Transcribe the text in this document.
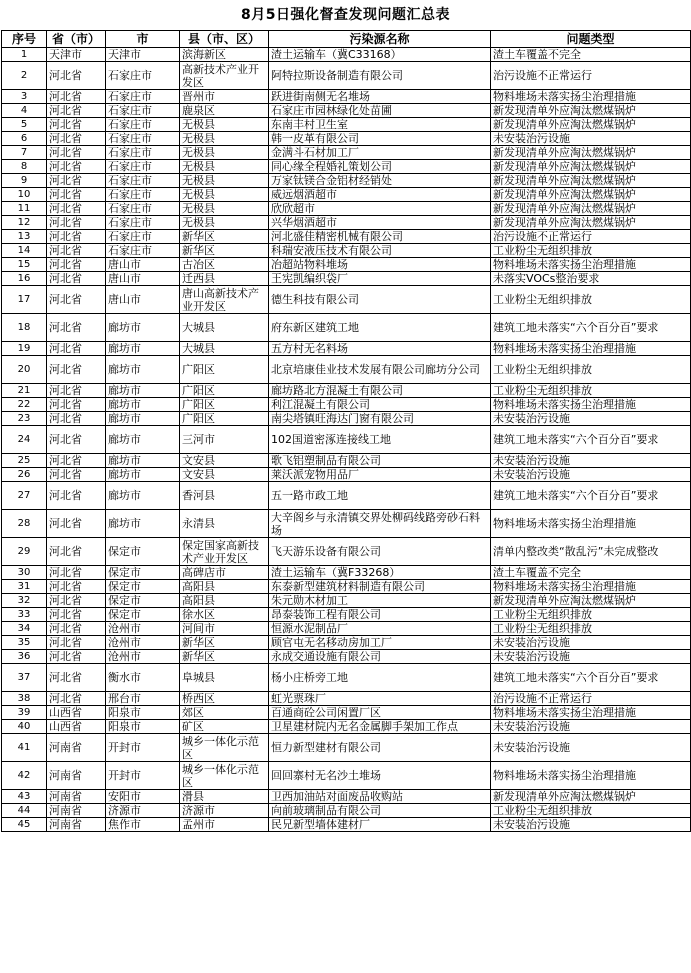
8月5日强化督查发现问题汇总表
序号	省（市）	市	县（市、区）	污染源名称	问题类型
1	天津市	天津市	滨海新区	渣土运输车（冀C33168）	渣土车覆盖不完全
2	河北省	石家庄市	高新技术产业开发区	阿特拉斯设备制造有限公司	治污设施不正常运行
3	河北省	石家庄市	晋州市	跃进街南侧无名堆场	物料堆场未落实扬尘治理措施
4	河北省	石家庄市	鹿泉区	石家庄市园林绿化处苗圃	新发现清单外应淘汰燃煤锅炉
5	河北省	石家庄市	无极县	东南丰村卫生室	新发现清单外应淘汰燃煤锅炉
6	河北省	石家庄市	无极县	韩一皮革有限公司	未安装治污设施
7	河北省	石家庄市	无极县	金满斗石材加工厂	新发现清单外应淘汰燃煤锅炉
8	河北省	石家庄市	无极县	同心缘全程婚礼策划公司	新发现清单外应淘汰燃煤锅炉
9	河北省	石家庄市	无极县	万家钛镁合金铝材经销处	新发现清单外应淘汰燃煤锅炉
10	河北省	石家庄市	无极县	威远烟酒超市	新发现清单外应淘汰燃煤锅炉
11	河北省	石家庄市	无极县	欣欣超市	新发现清单外应淘汰燃煤锅炉
12	河北省	石家庄市	无极县	兴华烟酒超市	新发现清单外应淘汰燃煤锅炉
13	河北省	石家庄市	新华区	河北盛佳精密机械有限公司	治污设施不正常运行
14	河北省	石家庄市	新华区	科瑞安液压技术有限公司	工业粉尘无组织排放
15	河北省	唐山市	古冶区	冶超站物料堆场	物料堆场未落实扬尘治理措施
16	河北省	唐山市	迁西县	王宪凯编织袋厂	未落实VOCs整治要求
17	河北省	唐山市	唐山高新技术产业开发区	德生科技有限公司	工业粉尘无组织排放
18	河北省	廊坊市	大城县	府东新区建筑工地	建筑工地未落实“六个百分百”要求
19	河北省	廊坊市	大城县	五方村无名料场	物料堆场未落实扬尘治理措施
20	河北省	廊坊市	广阳区	北京培康佳业技术发展有限公司廊坊分公司	工业粉尘无组织排放
21	河北省	廊坊市	广阳区	廊坊路北方混凝土有限公司	工业粉尘无组织排放
22	河北省	廊坊市	广阳区	利江混凝土有限公司	物料堆场未落实扬尘治理措施
23	河北省	廊坊市	广阳区	南尖塔镇旺海达门窗有限公司	未安装治污设施
24	河北省	廊坊市	三河市	102国道密涿连接线工地	建筑工地未落实“六个百分百”要求
25	河北省	廊坊市	文安县	歌飞铝塑制品有限公司	未安装治污设施
26	河北省	廊坊市	文安县	莱沃派宠物用品厂	未安装治污设施
27	河北省	廊坊市	香河县	五一路市政工地	建筑工地未落实“六个百分百”要求
28	河北省	廊坊市	永清县	大辛阁乡与永清镇交界处柳码线路旁砂石料场	物料堆场未落实扬尘治理措施
29	河北省	保定市	保定国家高新技术产业开发区	飞天游乐设备有限公司	清单内整改类“散乱污”未完成整改
30	河北省	保定市	高碑店市	渣土运输车（冀F33268）	渣土车覆盖不完全
31	河北省	保定市	高阳县	东泰新型建筑材料制造有限公司	物料堆场未落实扬尘治理措施
32	河北省	保定市	高阳县	朱元勋木材加工	新发现清单外应淘汰燃煤锅炉
33	河北省	保定市	徐水区	昂泰装饰工程有限公司	工业粉尘无组织排放
34	河北省	沧州市	河间市	恒源水泥制品厂	工业粉尘无组织排放
35	河北省	沧州市	新华区	顾官屯无名移动房加工厂	未安装治污设施
36	河北省	沧州市	新华区	永成交通设施有限公司	未安装治污设施
37	河北省	衡水市	阜城县	杨小庄桥旁工地	建筑工地未落实“六个百分百”要求
38	河北省	邢台市	桥西区	虹光票珠厂	治污设施不正常运行
39	山西省	阳泉市	郊区	百通商砼公司闲置厂区	物料堆场未落实扬尘治理措施
40	山西省	阳泉市	矿区	卫星建材院内无名金属脚手架加工作点	未安装治污设施
41	河南省	开封市	城乡一体化示范区	恒力新型建材有限公司	未安装治污设施
42	河南省	开封市	城乡一体化示范区	回回寨村无名沙土堆场	物料堆场未落实扬尘治理措施
43	河南省	安阳市	滑县	卫西加油站对面废品收购站	新发现清单外应淘汰燃煤锅炉
44	河南省	济源市	济源市	向前玻璃制品有限公司	工业粉尘无组织排放
45	河南省	焦作市	孟州市	民兄新型墙体建材厂	未安装治污设施
